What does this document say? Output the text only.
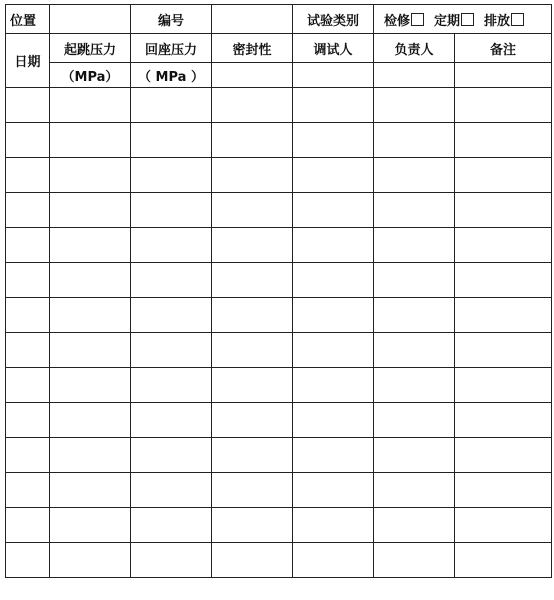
位置		编号		试验类别	检修 定期 排放	
日期	起跳压力	回座压力	密封性	调试人	负责人	备注
	（MPa）	（ MPa ）				
